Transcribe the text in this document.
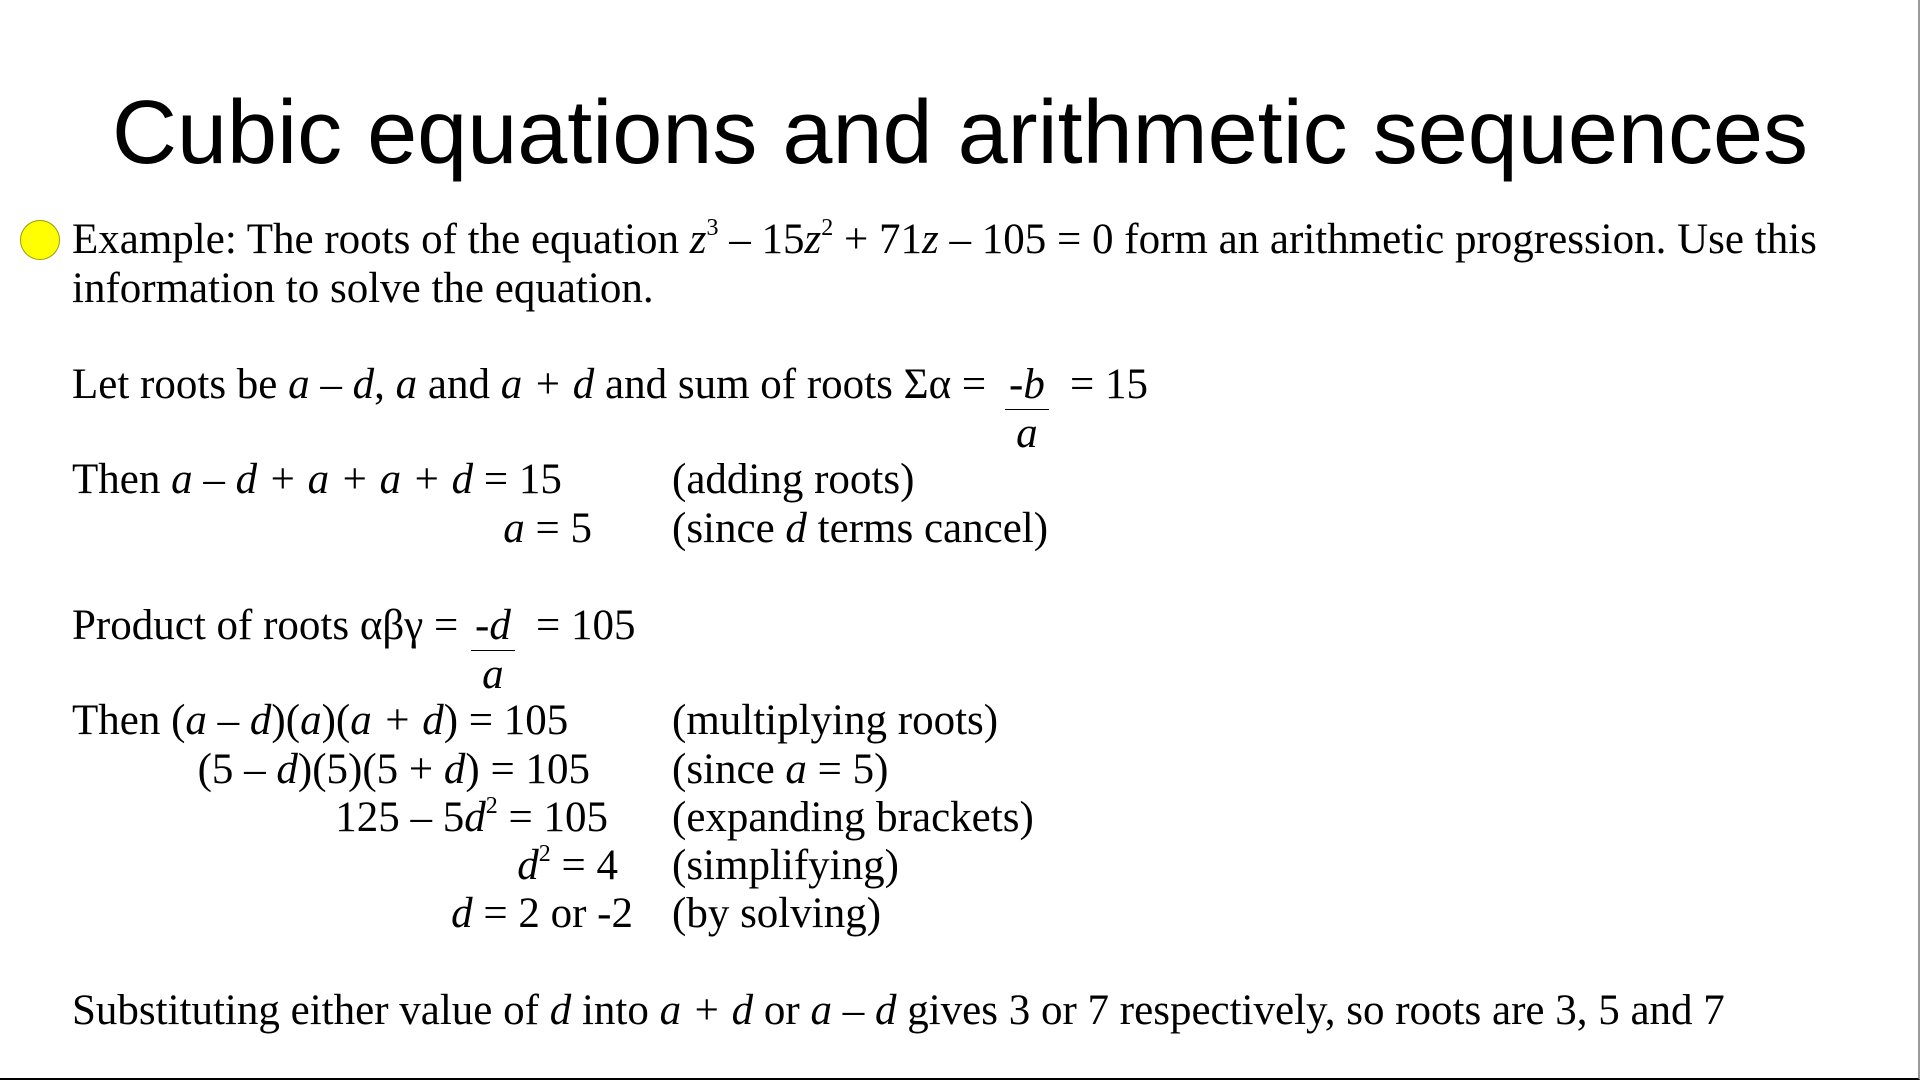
Cubic equations and arithmetic sequences
Example: The roots of the equation $z^3 - 15z^2 + 71z - 105 = 0$ form an arithmetic progression. Use this
information to solve the equation.
Let roots be a – d, a and a + d and sum of roots $\Sigma\alpha = \frac{-b}{a} = 15$
Then a – d + a + a + d = 15	(adding roots)
a = 5 (since d terms cancel)
Product of roots $\alpha\beta\gamma = \frac{-d}{a} = 105$
Then (a – d)(a)(a + d) = 105 (multiplying roots)
(5 – d)(5)(5 + d) = 105 (since a = 5)
$125 - 5d^2 = 105$ (expanding brackets)
$d^2 = 4$ (simplifying)
d = 2 or -2 (by solving)
Substituting either value of d into a + d or a – d gives 3 or 7 respectively, so roots are 3, 5 and 7
